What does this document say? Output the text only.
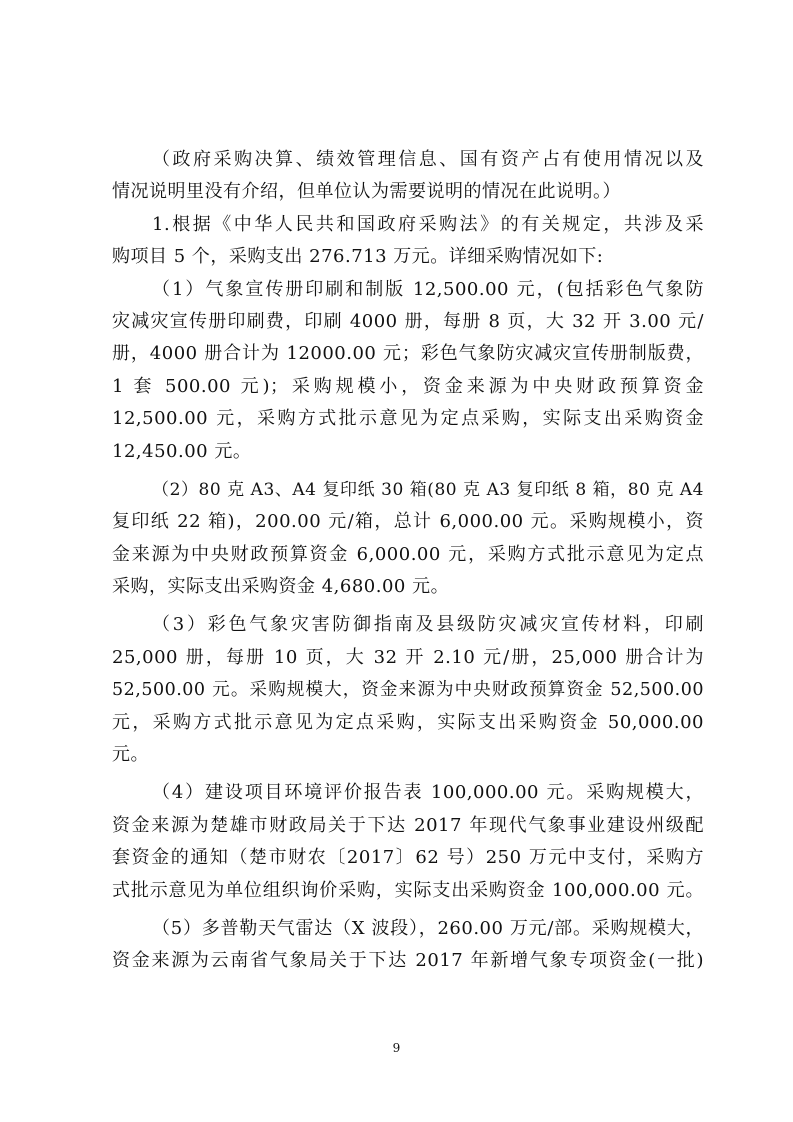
（政府采购决算、绩效管理信息、国有资产占有使用情况以及
情况说明里没有介绍，但单位认为需要说明的情况在此说明。）
1.根据《中华人民共和国政府采购法》的有关规定，共涉及采
购项目 5 个，采购支出 276.713 万元。详细采购情况如下:
（1）气象宣传册印刷和制版 12,500.00 元，(包括彩色气象防
灾减灾宣传册印刷费，印刷 4000 册，每册 8 页，大 32 开 3.00 元/
册，4000 册合计为 12000.00 元；彩色气象防灾减灾宣传册制版费，
1 套 500.00 元)；采购规模小，资金来源为中央财政预算资金
12,500.00 元，采购方式批示意见为定点采购，实际支出采购资金
12,450.00 元。
（2）80 克 A3、A4 复印纸 30 箱(80 克 A3 复印纸 8 箱，80 克 A4
复印纸 22 箱)，200.00 元/箱，总计 6,000.00 元。采购规模小，资
金来源为中央财政预算资金 6,000.00 元，采购方式批示意见为定点
采购，实际支出采购资金 4,680.00 元。
（3）彩色气象灾害防御指南及县级防灾减灾宣传材料，印刷
25,000 册，每册 10 页，大 32 开 2.10 元/册，25,000 册合计为
52,500.00 元。采购规模大，资金来源为中央财政预算资金 52,500.00
元，采购方式批示意见为定点采购，实际支出采购资金 50,000.00
元。
（4）建设项目环境评价报告表 100,000.00 元。采购规模大，
资金来源为楚雄市财政局关于下达 2017 年现代气象事业建设州级配
套资金的通知（楚市财农〔2017〕62 号）250 万元中支付，采购方
式批示意见为单位组织询价采购，实际支出采购资金 100,000.00 元。
（5）多普勒天气雷达（X 波段），260.00 万元/部。采购规模大，
资金来源为云南省气象局关于下达 2017 年新增气象专项资金(一批)
9
